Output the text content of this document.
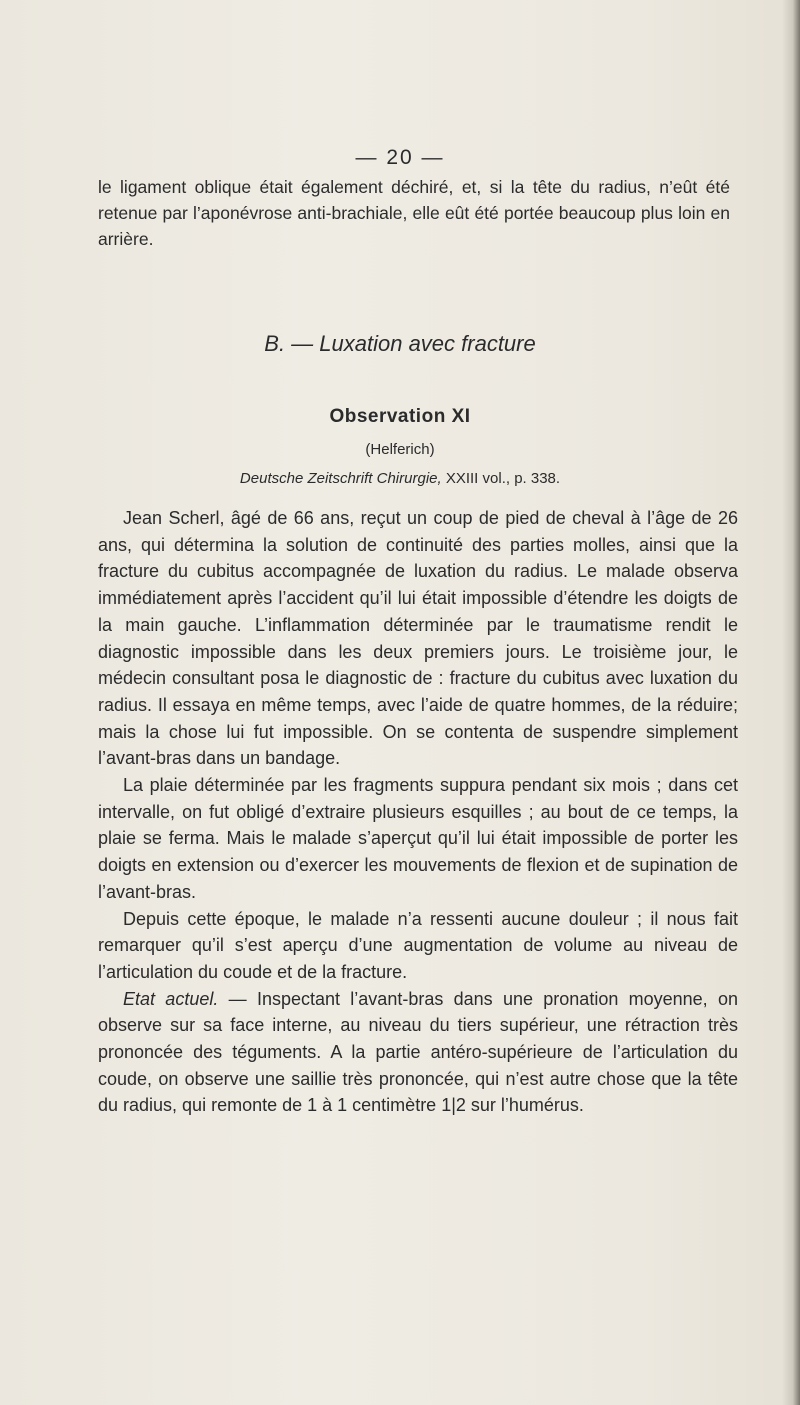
— 20 —
le ligament oblique était également déchiré, et, si la tête du radius, n’eût été retenue par l’aponévrose anti-brachiale, elle eût été portée beaucoup plus loin en arrière.
B. — Luxation avec fracture
Observation XI
(Helferich)
Deutsche Zeitschrift Chirurgie, XXIII vol., p. 338.

Jean Scherl, âgé de 66 ans, reçut un coup de pied de cheval à l’âge de 26 ans, qui détermina la solution de continuité des parties molles, ainsi que la fracture du cubitus accompagnée de luxation du radius. Le malade observa immédiatement après l’accident qu’il lui était impossible d’étendre les doigts de la main gauche. L’inflammation déterminée par le traumatisme rendit le diagnostic impossible dans les deux premiers jours. Le troisième jour, le médecin consultant posa le diagnostic de : fracture du cubitus avec luxation du radius. Il essaya en même temps, avec l’aide de quatre hommes, de la réduire; mais la chose lui fut impossible. On se contenta de suspendre simplement l’avant-bras dans un bandage.

La plaie déterminée par les fragments suppura pendant six mois ; dans cet intervalle, on fut obligé d’extraire plusieurs esquilles ; au bout de ce temps, la plaie se ferma. Mais le malade s’aperçut qu’il lui était impossible de porter les doigts en extension ou d’exercer les mouvements de flexion et de supination de l’avant-bras.

Depuis cette époque, le malade n’a ressenti aucune douleur ; il nous fait remarquer qu’il s’est aperçu d’une augmentation de volume au niveau de l’articulation du coude et de la fracture.

Etat actuel. — Inspectant l’avant-bras dans une pronation moyenne, on observe sur sa face interne, au niveau du tiers supérieur, une rétraction très prononcée des téguments. A la partie antéro-supérieure de l’articulation du coude, on observe une saillie très prononcée, qui n’est autre chose que la tête du radius, qui remonte de 1 à 1 centimètre 1|2 sur l’humérus.
